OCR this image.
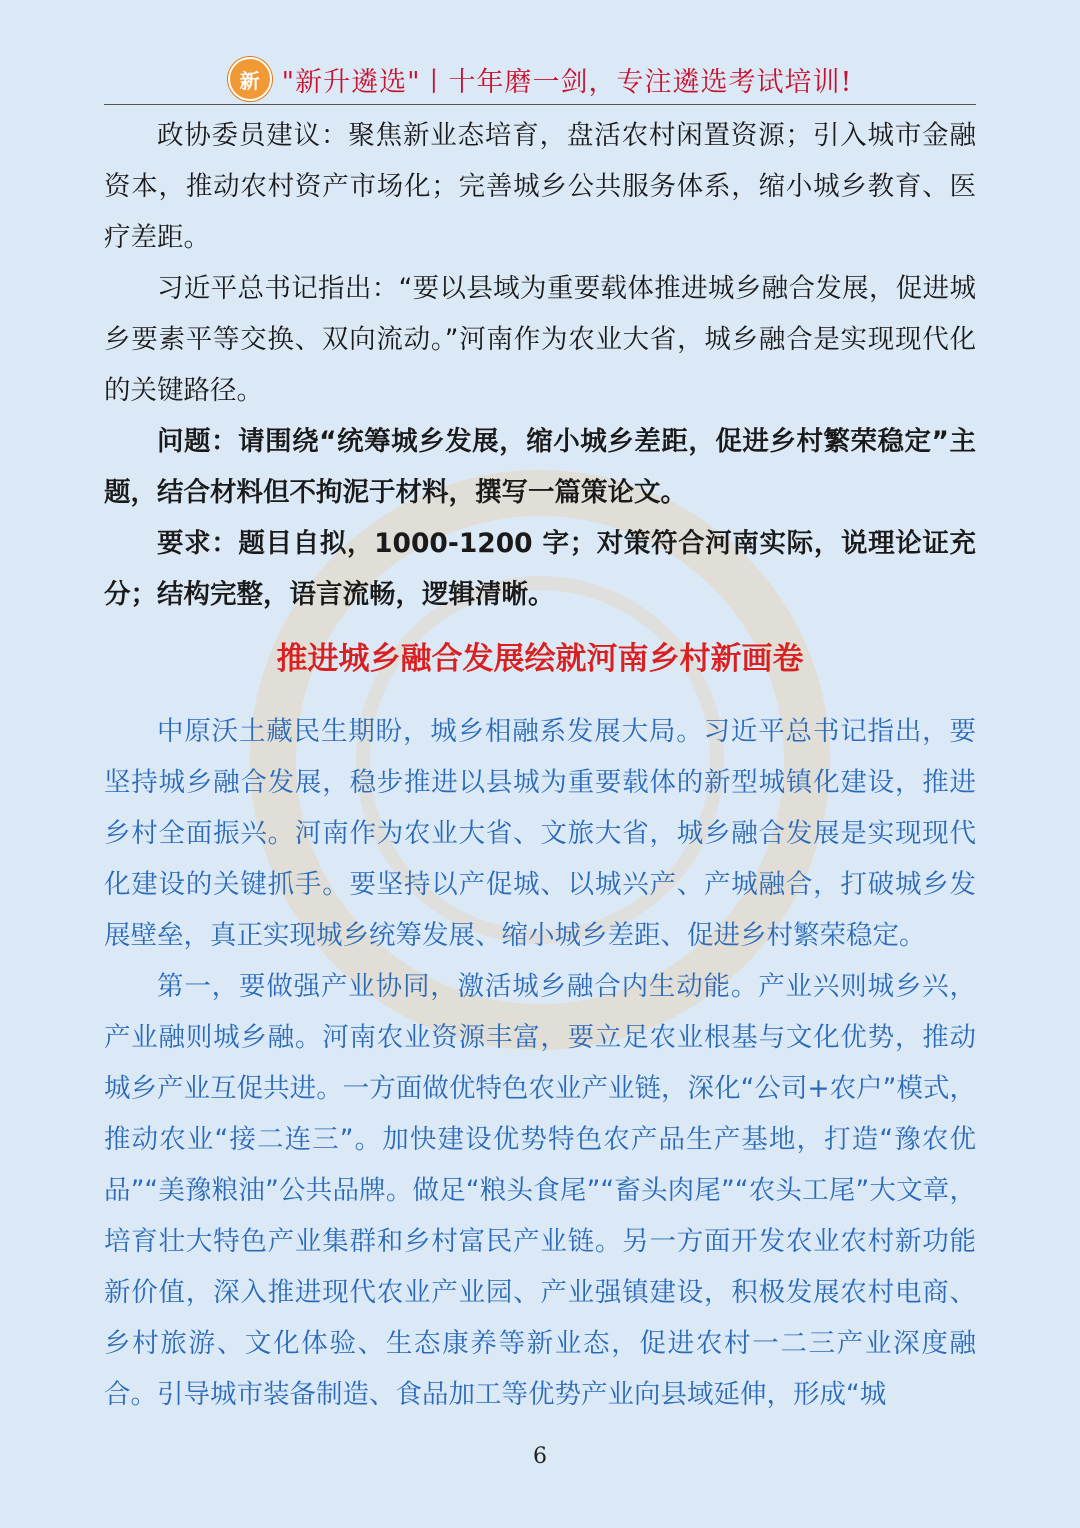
新 "新升遴选"丨十年磨一剑，专注遴选考试培训!

政协委员建议：聚焦新业态培育，盘活农村闲置资源；引入城市金融资本，推动农村资产市场化；完善城乡公共服务体系，缩小城乡教育、医疗差距。

习近平总书记指出：“要以县域为重要载体推进城乡融合发展，促进城乡要素平等交换、双向流动。”河南作为农业大省，城乡融合是实现现代化的关键路径。

问题：请围绕“统筹城乡发展，缩小城乡差距，促进乡村繁荣稳定”主题，结合材料但不拘泥于材料，撰写一篇策论文。

要求：题目自拟，1000-1200 字；对策符合河南实际，说理论证充分；结构完整，语言流畅，逻辑清晰。

推进城乡融合发展绘就河南乡村新画卷

中原沃土藏民生期盼，城乡相融系发展大局。习近平总书记指出，要坚持城乡融合发展，稳步推进以县城为重要载体的新型城镇化建设，推进乡村全面振兴。河南作为农业大省、文旅大省，城乡融合发展是实现现代化建设的关键抓手。要坚持以产促城、以城兴产、产城融合，打破城乡发展壁垒，真正实现城乡统筹发展、缩小城乡差距、促进乡村繁荣稳定。

第一，要做强产业协同，激活城乡融合内生动能。产业兴则城乡兴，产业融则城乡融。河南农业资源丰富，要立足农业根基与文化优势，推动城乡产业互促共进。一方面做优特色农业产业链，深化“公司+农户”模式，推动农业“接二连三”。加快建设优势特色农产品生产基地，打造“豫农优品”“美豫粮油”公共品牌。做足“粮头食尾”“畜头肉尾”“农头工尾”大文章，培育壮大特色产业集群和乡村富民产业链。另一方面开发农业农村新功能新价值，深入推进现代农业产业园、产业强镇建设，积极发展农村电商、乡村旅游、文化体验、生态康养等新业态，促进农村一二三产业深度融合。引导城市装备制造、食品加工等优势产业向县域延伸，形成“城

6
